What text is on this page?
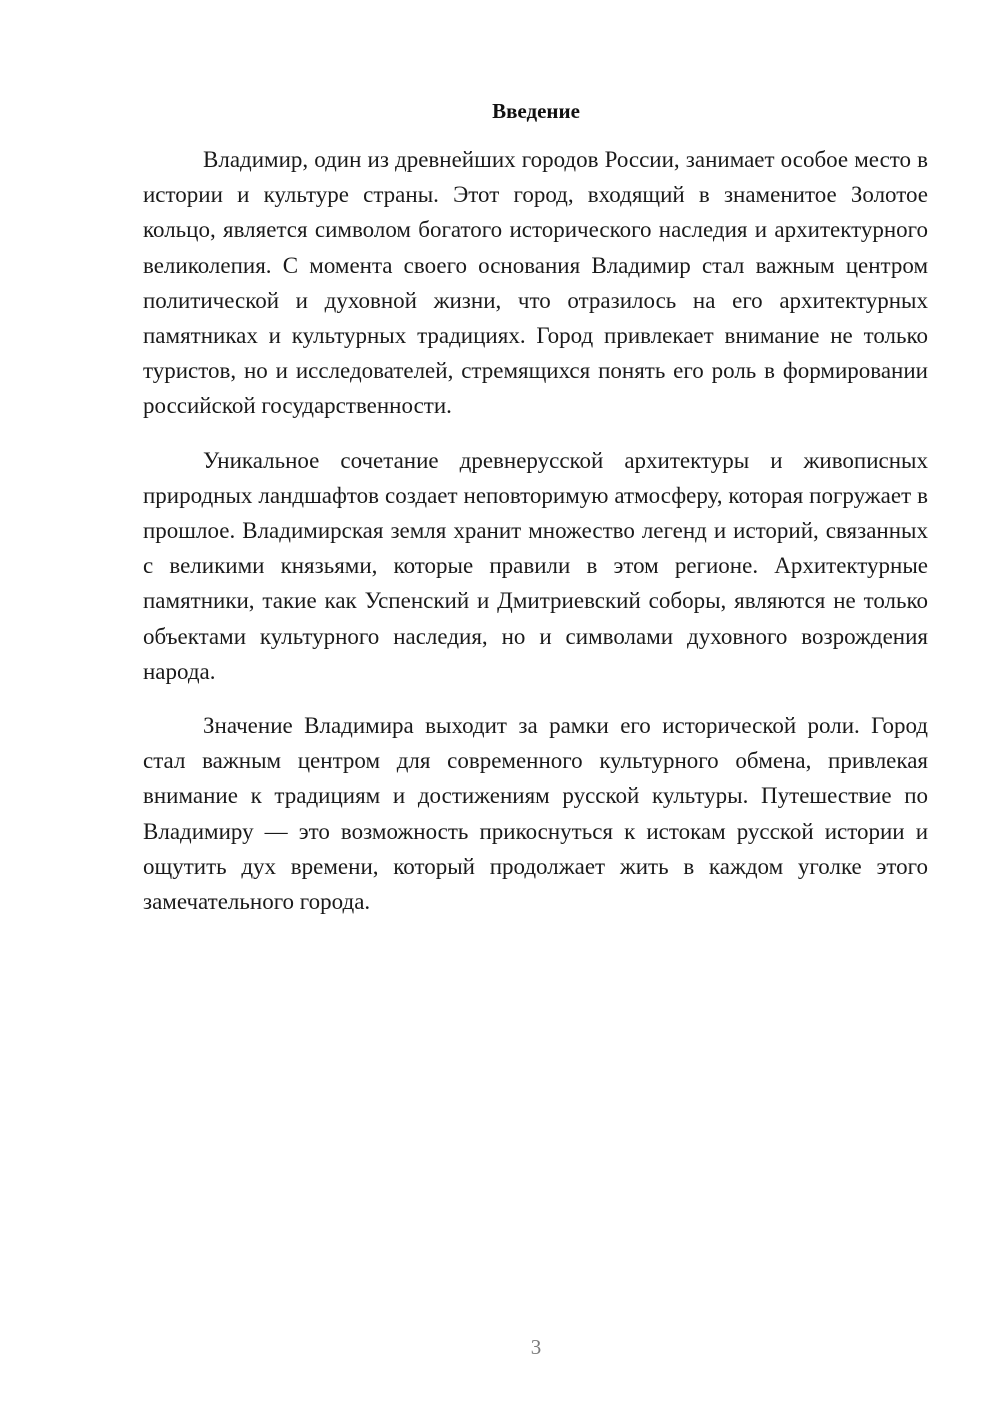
Введение

Владимир, один из древнейших городов России, занимает особое место в истории и культуре страны. Этот город, входящий в знаменитое Золотое кольцо, является символом богатого исторического наследия и архитектурного великолепия. С момента своего основания Владимир стал важным центром политической и духовной жизни, что отразилось на его архитектурных памятниках и культурных традициях. Город привлекает внимание не только туристов, но и исследователей, стремящихся понять его роль в формировании российской государственности.

Уникальное сочетание древнерусской архитектуры и живописных природных ландшафтов создает неповторимую атмосферу, которая погружает в прошлое. Владимирская земля хранит множество легенд и историй, связанных с великими князьями, которые правили в этом регионе. Архитектурные памятники, такие как Успенский и Дмитриевский соборы, являются не только объектами культурного наследия, но и символами духовного возрождения народа.

Значение Владимира выходит за рамки его исторической роли. Город стал важным центром для современного культурного обмена, привлекая внимание к традициям и достижениям русской культуры. Путешествие по Владимиру — это возможность прикоснуться к истокам русской истории и ощутить дух времени, который продолжает жить в каждом уголке этого замечательного города.

3
